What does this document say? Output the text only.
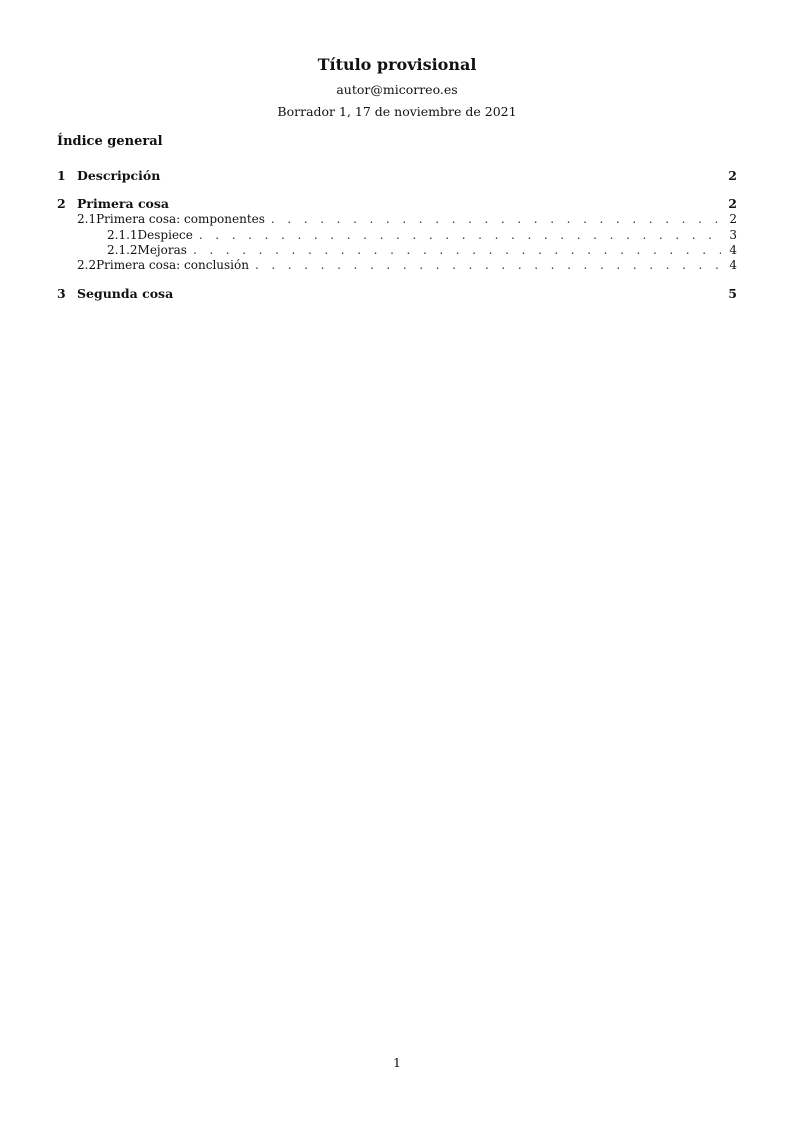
Título provisional
autor@micorreo.es
Borrador 1, 17 de noviembre de 2021
Índice general
1 Descripción	2
2 Primera cosa	2
2.1 Primera cosa: componentes . . .	2
2.1.1 Despiece . . .	3
2.1.2 Mejoras . . .	4
2.2 Primera cosa: conclusión . . .	4
3 Segunda cosa	5
1
